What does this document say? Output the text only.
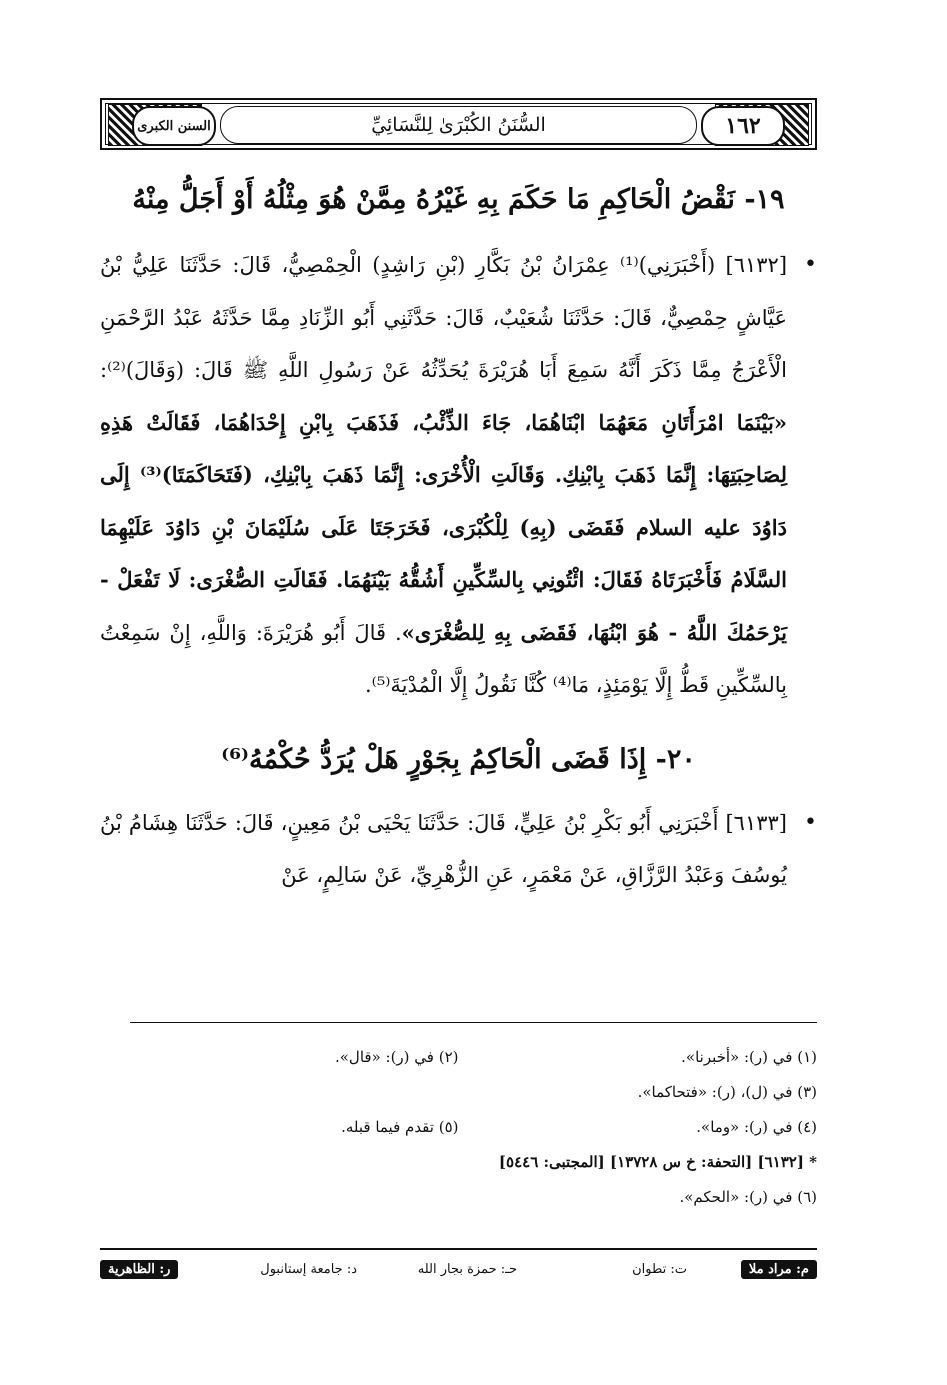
السنن الكبرى	السُّنَنُ الكُبْرَىٰ لِلنَّسَائِيِّ	١٦٢
١٩- نَقْضُ الْحَاكِمِ مَا حَكَمَ بِهِ غَيْرُهُ مِمَّنْ هُوَ مِثْلُهُ أَوْ أَجَلُّ مِنْهُ

•
[٦١٣٢] (أَخْبَرَنِي)⁽¹⁾ عِمْرَانُ بْنُ بَكَّارِ (بْنِ رَاشِدٍ) الْحِمْصِيُّ، قَالَ: حَدَّثَنَا عَلِيُّ بْنُ عَيَّاشٍ حِمْصِيٌّ، قَالَ: حَدَّثَنَا شُعَيْبٌ، قَالَ: حَدَّثَنِي أَبُو الزِّنَادِ مِمَّا حَدَّثَهُ عَبْدُ الرَّحْمَنِ الْأَعْرَجُ مِمَّا ذَكَرَ أَنَّهُ سَمِعَ أَبَا هُرَيْرَةَ يُحَدِّثُهُ عَنْ رَسُولِ اللَّهِ ﷺ قَالَ: (وَقَالَ)⁽²⁾: «بَيْنَمَا امْرَأَتَانِ مَعَهُمَا ابْنَاهُمَا، جَاءَ الذِّئْبُ، فَذَهَبَ بِابْنِ إِحْدَاهُمَا، فَقَالَتْ هَذِهِ لِصَاحِبَتِهَا: إِنَّمَا ذَهَبَ بِابْنِكِ. وَقَالَتِ الْأُخْرَى: إِنَّمَا ذَهَبَ بِابْنِكِ، (فَتَحَاكَمَتَا)⁽³⁾ إِلَى دَاوُدَ عليه السلام فَقَضَى (بِهِ) لِلْكُبْرَى، فَخَرَجَتَا عَلَى سُلَيْمَانَ بْنِ دَاوُدَ عَلَيْهِمَا السَّلَامُ فَأَخْبَرَتَاهُ فَقَالَ: ائْتُونِي بِالسِّكِّينِ أَشُقُّهُ بَيْنَهُمَا. فَقَالَتِ الصُّغْرَى: لَا تَفْعَلْ - يَرْحَمُكَ اللَّهُ - هُوَ ابْنُهَا، فَقَضَى بِهِ لِلصُّغْرَى». قَالَ أَبُو هُرَيْرَةَ: وَاللَّهِ، إِنْ سَمِعْتُ بِالسِّكِّينِ قَطُّ إِلَّا يَوْمَئِذٍ، مَا⁽⁴⁾ كُنَّا نَقُولُ إِلَّا الْمُدْيَةَ⁽⁵⁾.

٢٠- إِذَا قَضَى الْحَاكِمُ بِجَوْرٍ هَلْ يُرَدُّ حُكْمُهُ⁽⁶⁾

•
[٦١٣٣] أَخْبَرَنِي أَبُو بَكْرِ بْنُ عَلِيٍّ، قَالَ: حَدَّثَنَا يَحْيَى بْنُ مَعِينٍ، قَالَ: حَدَّثَنَا هِشَامُ بْنُ يُوسُفَ وَعَبْدُ الرَّزَّاقِ، عَنْ مَعْمَرٍ، عَنِ الزُّهْرِيِّ، عَنْ سَالِمٍ، عَنْ

(١) في (ر): «أخبرنا».
(٢) في (ر): «قال».
(٣) في (ل)، (ر): «فتحاكما».
(٤) في (ر): «وما».
(٥) تقدم فيما قبله.
* [٦١٣٢] [التحفة: خ س ١٣٧٢٨] [المجتبى: ٥٤٤٦]
(٦) في (ر): «الحكم».
م: مراد ملا
ت: تطوان
حـ: حمزة بجار الله
د: جامعة إستانبول
ر: الظاهرية
